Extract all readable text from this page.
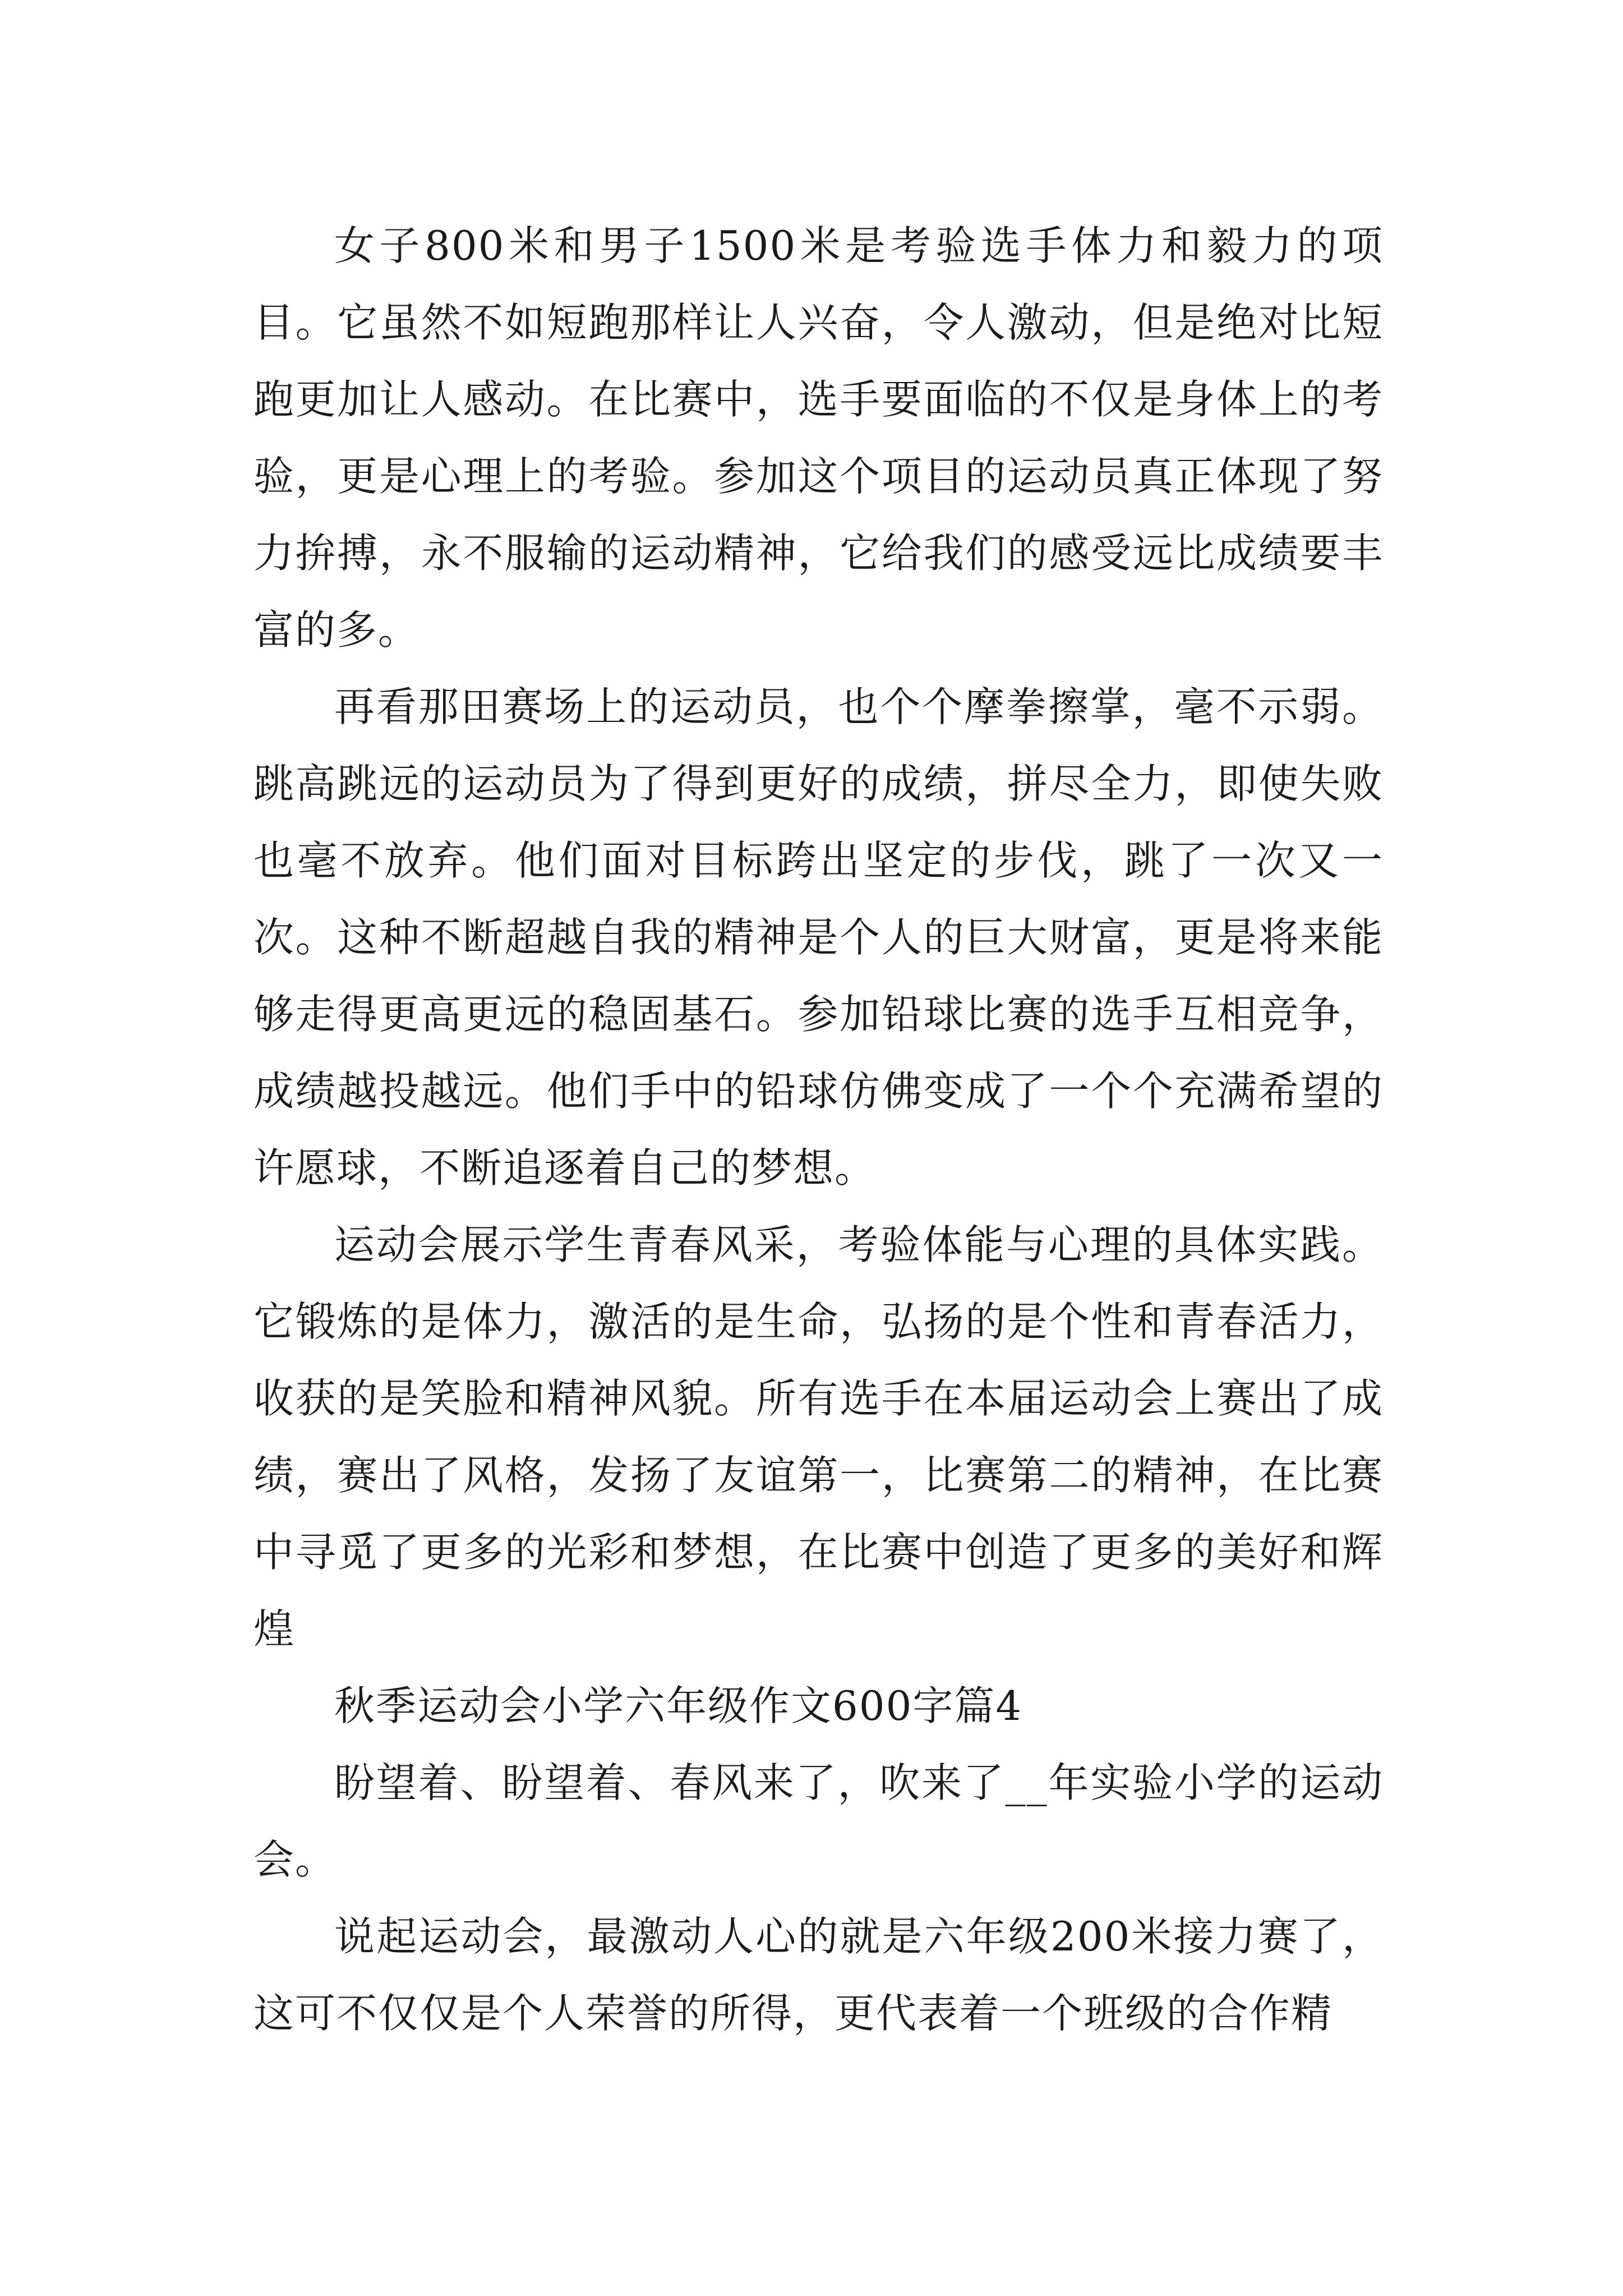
女子800米和男子1500米是考验选手体力和毅力的项目。它虽然不如短跑那样让人兴奋，令人激动，但是绝对比短跑更加让人感动。在比赛中，选手要面临的不仅是身体上的考验，更是心理上的考验。参加这个项目的运动员真正体现了努力拚搏，永不服输的运动精神，它给我们的感受远比成绩要丰富的多。

再看那田赛场上的运动员，也个个摩拳擦掌，毫不示弱。跳高跳远的运动员为了得到更好的成绩，拼尽全力，即使失败也毫不放弃。他们面对目标跨出坚定的步伐，跳了一次又一次。这种不断超越自我的精神是个人的巨大财富，更是将来能够走得更高更远的稳固基石。参加铅球比赛的选手互相竞争，成绩越投越远。他们手中的铅球仿佛变成了一个个充满希望的许愿球，不断追逐着自己的梦想。

运动会展示学生青春风采，考验体能与心理的具体实践。它锻炼的是体力，激活的是生命，弘扬的是个性和青春活力，收获的是笑脸和精神风貌。所有选手在本届运动会上赛出了成绩，赛出了风格，发扬了友谊第一，比赛第二的精神，在比赛中寻觅了更多的光彩和梦想，在比赛中创造了更多的美好和辉煌

秋季运动会小学六年级作文600字篇4

盼望着、盼望着、春风来了，吹来了__年实验小学的运动会。

说起运动会，最激动人心的就是六年级200米接力赛了，这可不仅仅是个人荣誉的所得，更代表着一个班级的合作精
